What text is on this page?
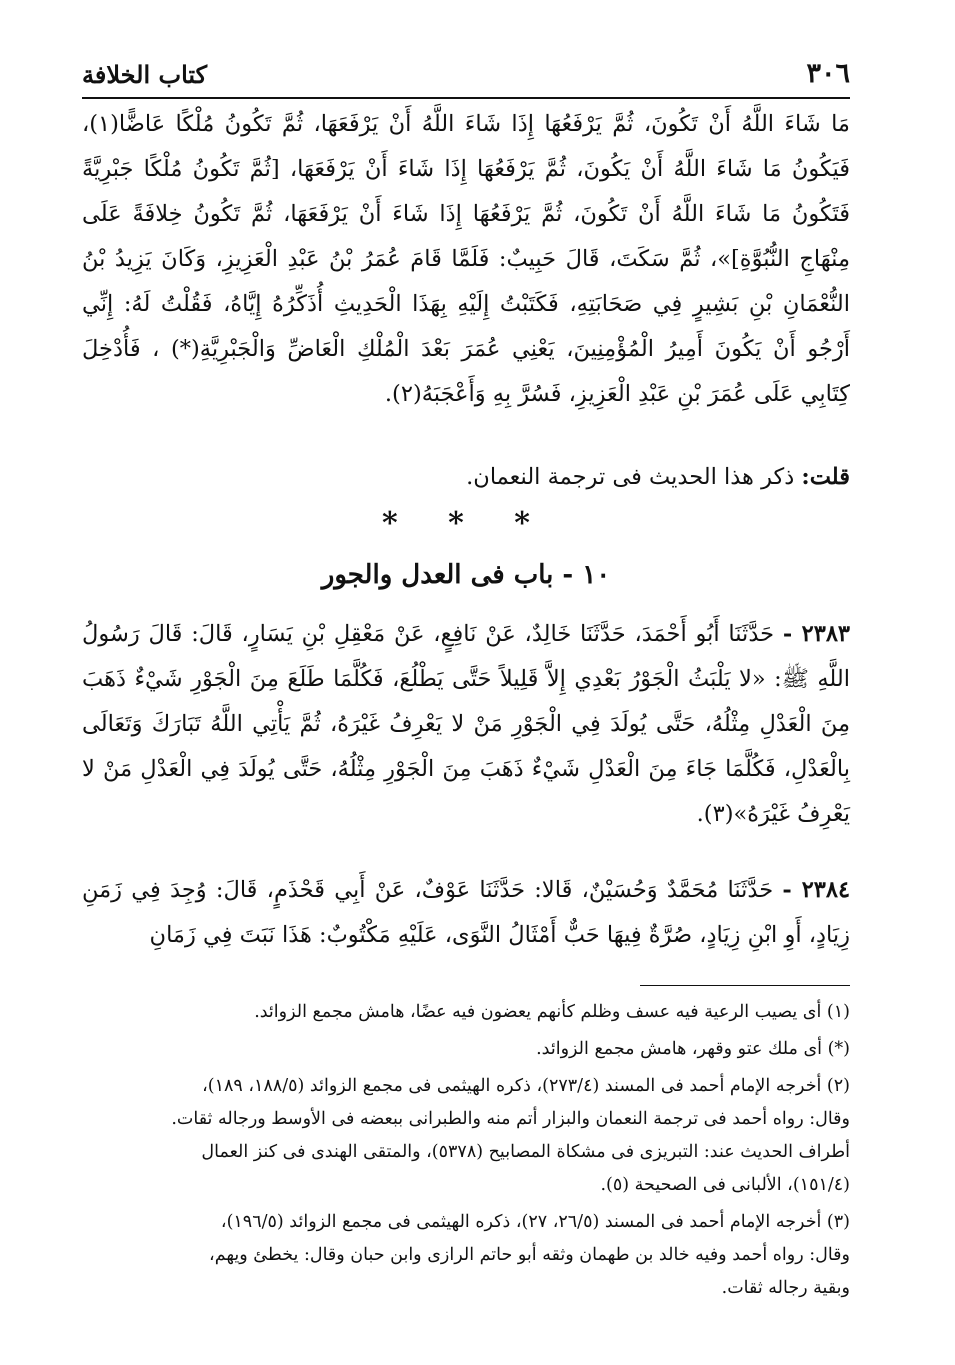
٣٠٦
كتاب الخلافة

مَا شَاءَ اللَّهُ أَنْ تَكُونَ، ثُمَّ يَرْفَعُهَا إِذَا شَاءَ اللَّهُ أَنْ يَرْفَعَهَا، ثُمَّ تَكُونُ مُلْكًا عَاضًّا(١)، فَيَكُونُ مَا شَاءَ اللَّهُ أَنْ يَكُونَ، ثُمَّ يَرْفَعُهَا إِذَا شَاءَ أَنْ يَرْفَعَهَا، [ثُمَّ تَكُونُ مُلْكًا جَبْرِيَّةً فَتَكُونُ مَا شَاءَ اللَّهُ أَنْ تَكُونَ، ثُمَّ يَرْفَعُهَا إِذَا شَاءَ أَنْ يَرْفَعَهَا، ثُمَّ تَكُونُ خِلافَةً عَلَى مِنْهَاجِ النُّبُوَّةِ]»، ثُمَّ سَكَتَ، قَالَ حَبِيبٌ: فَلَمَّا قَامَ عُمَرُ بْنُ عَبْدِ الْعَزِيزِ، وَكَانَ يَزِيدُ بْنُ النُّعْمَانِ بْنِ بَشِيرٍ فِي صَحَابَتِهِ، فَكَتَبْتُ إِلَيْهِ بِهَذَا الْحَدِيثِ أُذَكِّرُهُ إِيَّاهُ، فَقُلْتُ لَهُ: إِنِّي أَرْجُو أَنْ يَكُونَ أَمِيرُ الْمُؤْمِنِينَ، يَعْنِي عُمَرَ بَعْدَ الْمُلْكِ الْعَاضِّ وَالْجَبْرِيَّةِ(*) ، فَأُدْخِلَ كِتَابِي عَلَى عُمَرَ بْنِ عَبْدِ الْعَزِيزِ، فَسُرَّ بِهِ وَأَعْجَبَهُ(٢).

قلت: ذكر هذا الحديث فى ترجمة النعمان.

* * *
١٠ - باب فى العدل والجور

٢٣٨٣ - حَدَّثَنَا أَبُو أَحْمَدَ، حَدَّثَنَا خَالِدٌ، عَنْ نَافِعٍ، عَنْ مَعْقِلِ بْنِ يَسَارٍ، قَالَ: قَالَ رَسُولُ اللَّهِ ﷺ: «لا يَلْبَثُ الْجَوْرُ بَعْدِي إِلاَّ قَلِيلاً حَتَّى يَطْلُعَ، فَكُلَّمَا طَلَعَ مِنَ الْجَوْرِ شَيْءٌ ذَهَبَ مِنَ الْعَدْلِ مِثْلُهُ، حَتَّى يُولَدَ فِي الْجَوْرِ مَنْ لا يَعْرِفُ غَيْرَهُ، ثُمَّ يَأْتِي اللَّهُ تَبَارَكَ وَتَعَالَى بِالْعَدْلِ، فَكُلَّمَا جَاءَ مِنَ الْعَدْلِ شَيْءٌ ذَهَبَ مِنَ الْجَوْرِ مِثْلُهُ، حَتَّى يُولَدَ فِي الْعَدْلِ مَنْ لا يَعْرِفُ غَيْرَهُ»(٣).

٢٣٨٤ - حَدَّثَنَا مُحَمَّدٌ وَحُسَيْنٌ، قَالا: حَدَّثَنَا عَوْفٌ، عَنْ أَبِي قَحْذَمٍ، قَالَ: وُجِدَ فِي زَمَنِ زِيَادٍ، أَوِ ابْنِ زِيَادٍ، صُرَّةٌ فِيهَا حَبٌّ أَمْثَالُ النَّوَى، عَلَيْهِ مَكْتُوبٌ: هَذَا نَبَتَ فِي زَمَانِ

(١) أى يصيب الرعية فيه عسف وظلم كأنهم يعضون فيه عضًا، هامش مجمع الزوائد.
(*) أى ملك عتو وقهر، هامش مجمع الزوائد.
(٢) أخرجه الإمام أحمد فى المسند (٢٧٣/٤)، ذكره الهيثمى فى مجمع الزوائد (١٨٨/٥، ١٨٩)،
وقال: رواه أحمد فى ترجمة النعمان والبزار أتم منه والطبرانى ببعضه فى الأوسط ورجاله ثقات.
أطراف الحديث عند: التبريزى فى مشكاة المصابيح (٥٣٧٨)، والمتقى الهندى فى كنز العمال
(١٥١/٤)، الألبانى فى الصحيحة (٥).
(٣) أخرجه الإمام أحمد فى المسند (٢٦/٥، ٢٧)، ذكره الهيثمى فى مجمع الزوائد (١٩٦/٥)،
وقال: رواه أحمد وفيه خالد بن طهمان وثقه أبو حاتم الرازى وابن حبان وقال: يخطئ ويهم،
وبقية رجاله ثقات.
